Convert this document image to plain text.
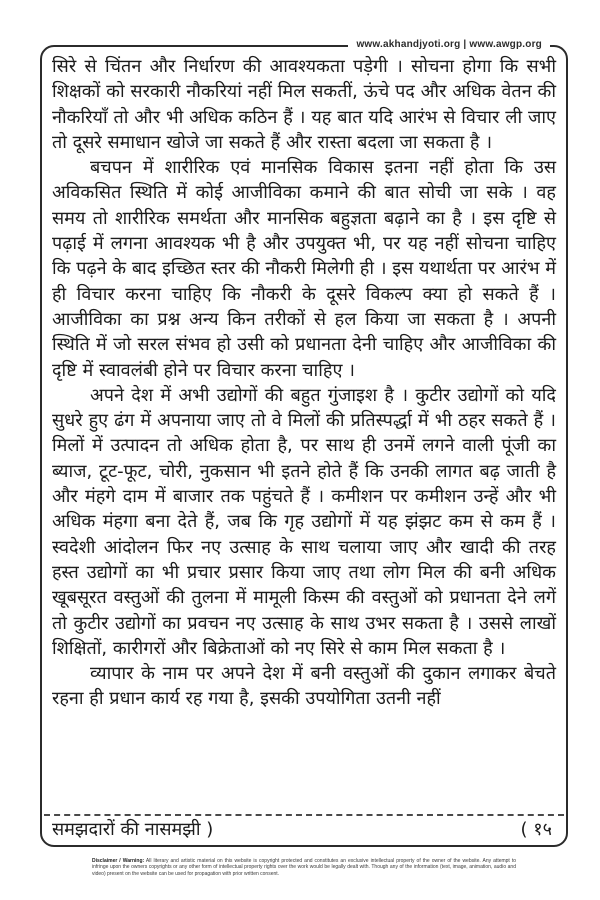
www.akhandjyoti.org | www.awgp.org

सिरे से चिंतन और निर्धारण की आवश्यकता पड़ेगी । सोचना होगा कि सभी शिक्षकों को सरकारी नौकरियां नहीं मिल सकतीं, ऊंचे पद और अधिक वेतन की नौकरियाँ तो और भी अधिक कठिन हैं । यह बात यदि आरंभ से विचार ली जाए तो दूसरे समाधान खोजे जा सकते हैं और रास्ता बदला जा सकता है ।

बचपन में शारीरिक एवं मानसिक विकास इतना नहीं होता कि उस अविकसित स्थिति में कोई आजीविका कमाने की बात सोची जा सके । वह समय तो शारीरिक समर्थता और मानसिक बहुज्ञता बढ़ाने का है । इस दृष्टि से पढ़ाई में लगना आवश्यक भी है और उपयुक्त भी, पर यह नहीं सोचना चाहिए कि पढ़ने के बाद इच्छित स्तर की नौकरी मिलेगी ही । इस यथार्थता पर आरंभ में ही विचार करना चाहिए कि नौकरी के दूसरे विकल्प क्या हो सकते हैं । आजीविका का प्रश्न अन्य किन तरीकों से हल किया जा सकता है । अपनी स्थिति में जो सरल संभव हो उसी को प्रधानता देनी चाहिए और आजीविका की दृष्टि में स्वावलंबी होने पर विचार करना चाहिए ।

अपने देश में अभी उद्योगों की बहुत गुंजाइश है । कुटीर उद्योगों को यदि सुधरे हुए ढंग में अपनाया जाए तो वे मिलों की प्रतिस्पर्द्धा में भी ठहर सकते हैं । मिलों में उत्पादन तो अधिक होता है, पर साथ ही उनमें लगने वाली पूंजी का ब्याज, टूट-फूट, चोरी, नुकसान भी इतने होते हैं कि उनकी लागत बढ़ जाती है और मंहगे दाम में बाजार तक पहुंचते हैं । कमीशन पर कमीशन उन्हें और भी अधिक मंहगा बना देते हैं, जब कि गृह उद्योगों में यह झंझट कम से कम हैं । स्वदेशी आंदोलन फिर नए उत्साह के साथ चलाया जाए और खादी की तरह हस्त उद्योगों का भी प्रचार प्रसार किया जाए तथा लोग मिल की बनी अधिक खूबसूरत वस्तुओं की तुलना में मामूली किस्म की वस्तुओं को प्रधानता देने लगें तो कुटीर उद्योगों का प्रवचन नए उत्साह के साथ उभर सकता है । उससे लाखों शिक्षितों, कारीगरों और बिक्रेताओं को नए सिरे से काम मिल सकता है ।

व्यापार के नाम पर अपने देश में बनी वस्तुओं की दुकान लगाकर बेचते रहना ही प्रधान कार्य रह गया है, इसकी उपयोगिता उतनी नहीं

समझदारों की नासमझी )	( १५
Disclaimer / Warning: All literary and artistic material on this website is copyright protected and constitutes an exclusive intellectual property of the owner of the website. Any attempt to infringe upon the owners copyrights or any other form of intellectual property rights over the work would be legally dealt with. Though any of the information (text, image, animation, audio and video) present on the website can be used for propagation with prior written consent.
